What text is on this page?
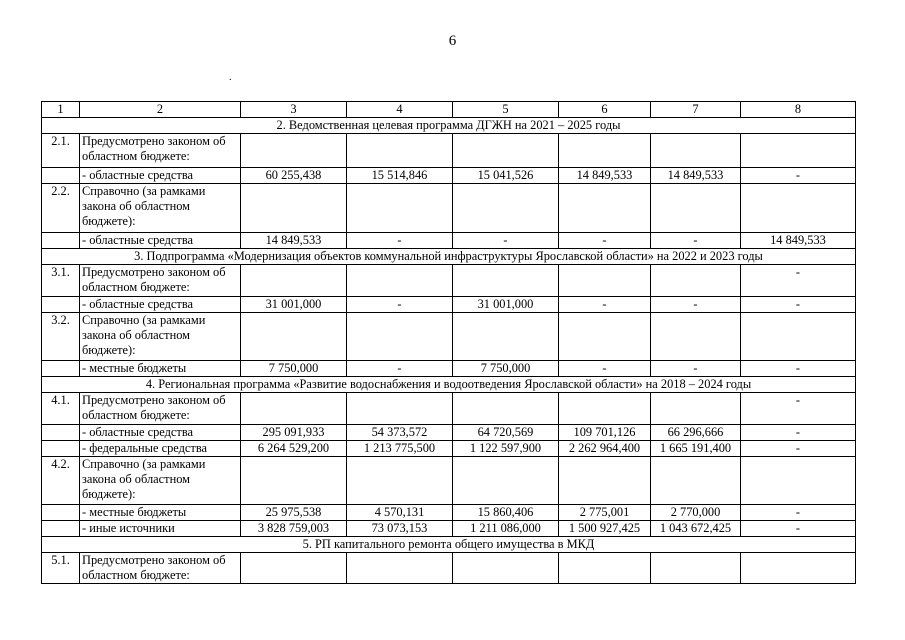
6
.
1	2	3	4	5	6	7	8
2. Ведомственная целевая программа ДГЖН на 2021 – 2025 годы							
2.1.	Предусмотрено законом об областном бюджете:						
	- областные средства	60 255,438	15 514,846	15 041,526	14 849,533	14 849,533	-
2.2.	Справочно (за рамками закона об областном бюджете):						
	- областные средства	14 849,533	-	-	-	-	14 849,533
3. Подпрограмма «Модернизация объектов коммунальной инфраструктуры Ярославской области» на 2022 и 2023 годы							
3.1.	Предусмотрено законом об областном бюджете:						-
	- областные средства	31 001,000	-	31 001,000	-	-	-
3.2.	Справочно (за рамками закона об областном бюджете):						
	- местные бюджеты	7 750,000	-	7 750,000	-	-	-
4. Региональная программа «Развитие водоснабжения и водоотведения Ярославской области» на 2018 – 2024 годы							
4.1.	Предусмотрено законом об областном бюджете:						-
	- областные средства	295 091,933	54 373,572	64 720,569	109 701,126	66 296,666	-
	- федеральные средства	6 264 529,200	1 213 775,500	1 122 597,900	2 262 964,400	1 665 191,400	-
4.2.	Справочно (за рамками закона об областном бюджете):						
	- местные бюджеты	25 975,538	4 570,131	15 860,406	2 775,001	2 770,000	-
	- иные источники	3 828 759,003	73 073,153	1 211 086,000	1 500 927,425	1 043 672,425	-
5. РП капитального ремонта общего имущества в МКД							
5.1.	Предусмотрено законом об областном бюджете:						
